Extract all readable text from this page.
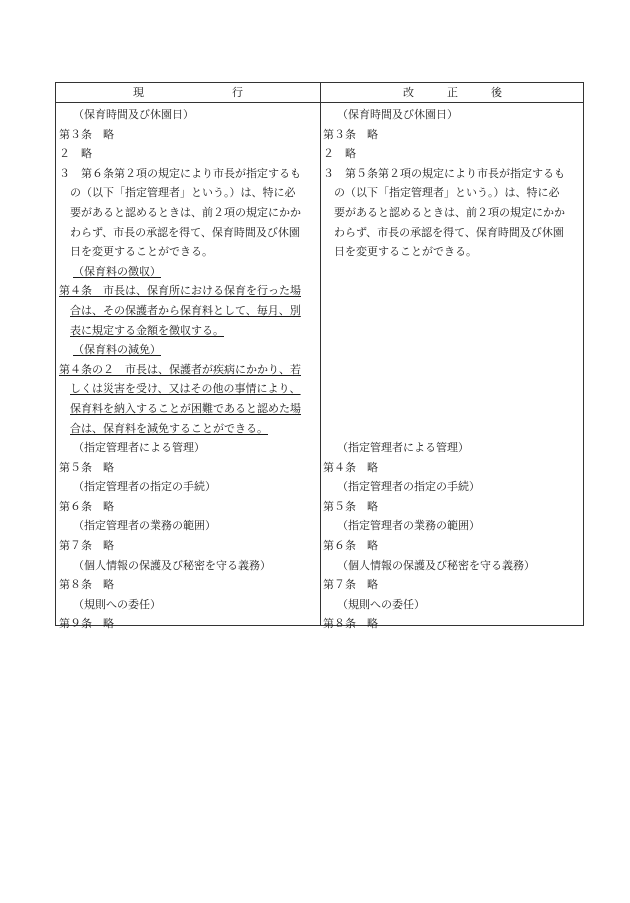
現　　　　　　　　行	改　　　正　　　後
（保育時間及び休園日）
第３条　略
２　略
３　第６条第２項の規定により市長が指定するも
の（以下「指定管理者」という。）は、特に必
要があると認めるときは、前２項の規定にかか
わらず、市長の承認を得て、保育時間及び休園
日を変更することができる。
（保育料の徴収）
第４条　市長は、保育所における保育を行った場
合は、その保護者から保育料として、毎月、別
表に規定する金額を徴収する。
（保育料の減免）
第４条の２　市長は、保護者が疾病にかかり、若
しくは災害を受け、又はその他の事情により、
保育料を納入することが困難であると認めた場
合は、保育料を減免することができる。
（指定管理者による管理）
第５条　略
（指定管理者の指定の手続）
第６条　略
（指定管理者の業務の範囲）
第７条　略
（個人情報の保護及び秘密を守る義務）
第８条　略
（規則への委任）
第９条　略
（保育時間及び休園日）
第３条　略
２　略
３　第５条第２項の規定により市長が指定するも
の（以下「指定管理者」という。）は、特に必
要があると認めるときは、前２項の規定にかか
わらず、市長の承認を得て、保育時間及び休園
日を変更することができる。
（指定管理者による管理）
第４条　略
（指定管理者の指定の手続）
第５条　略
（指定管理者の業務の範囲）
第６条　略
（個人情報の保護及び秘密を守る義務）
第７条　略
（規則への委任）
第８条　略
